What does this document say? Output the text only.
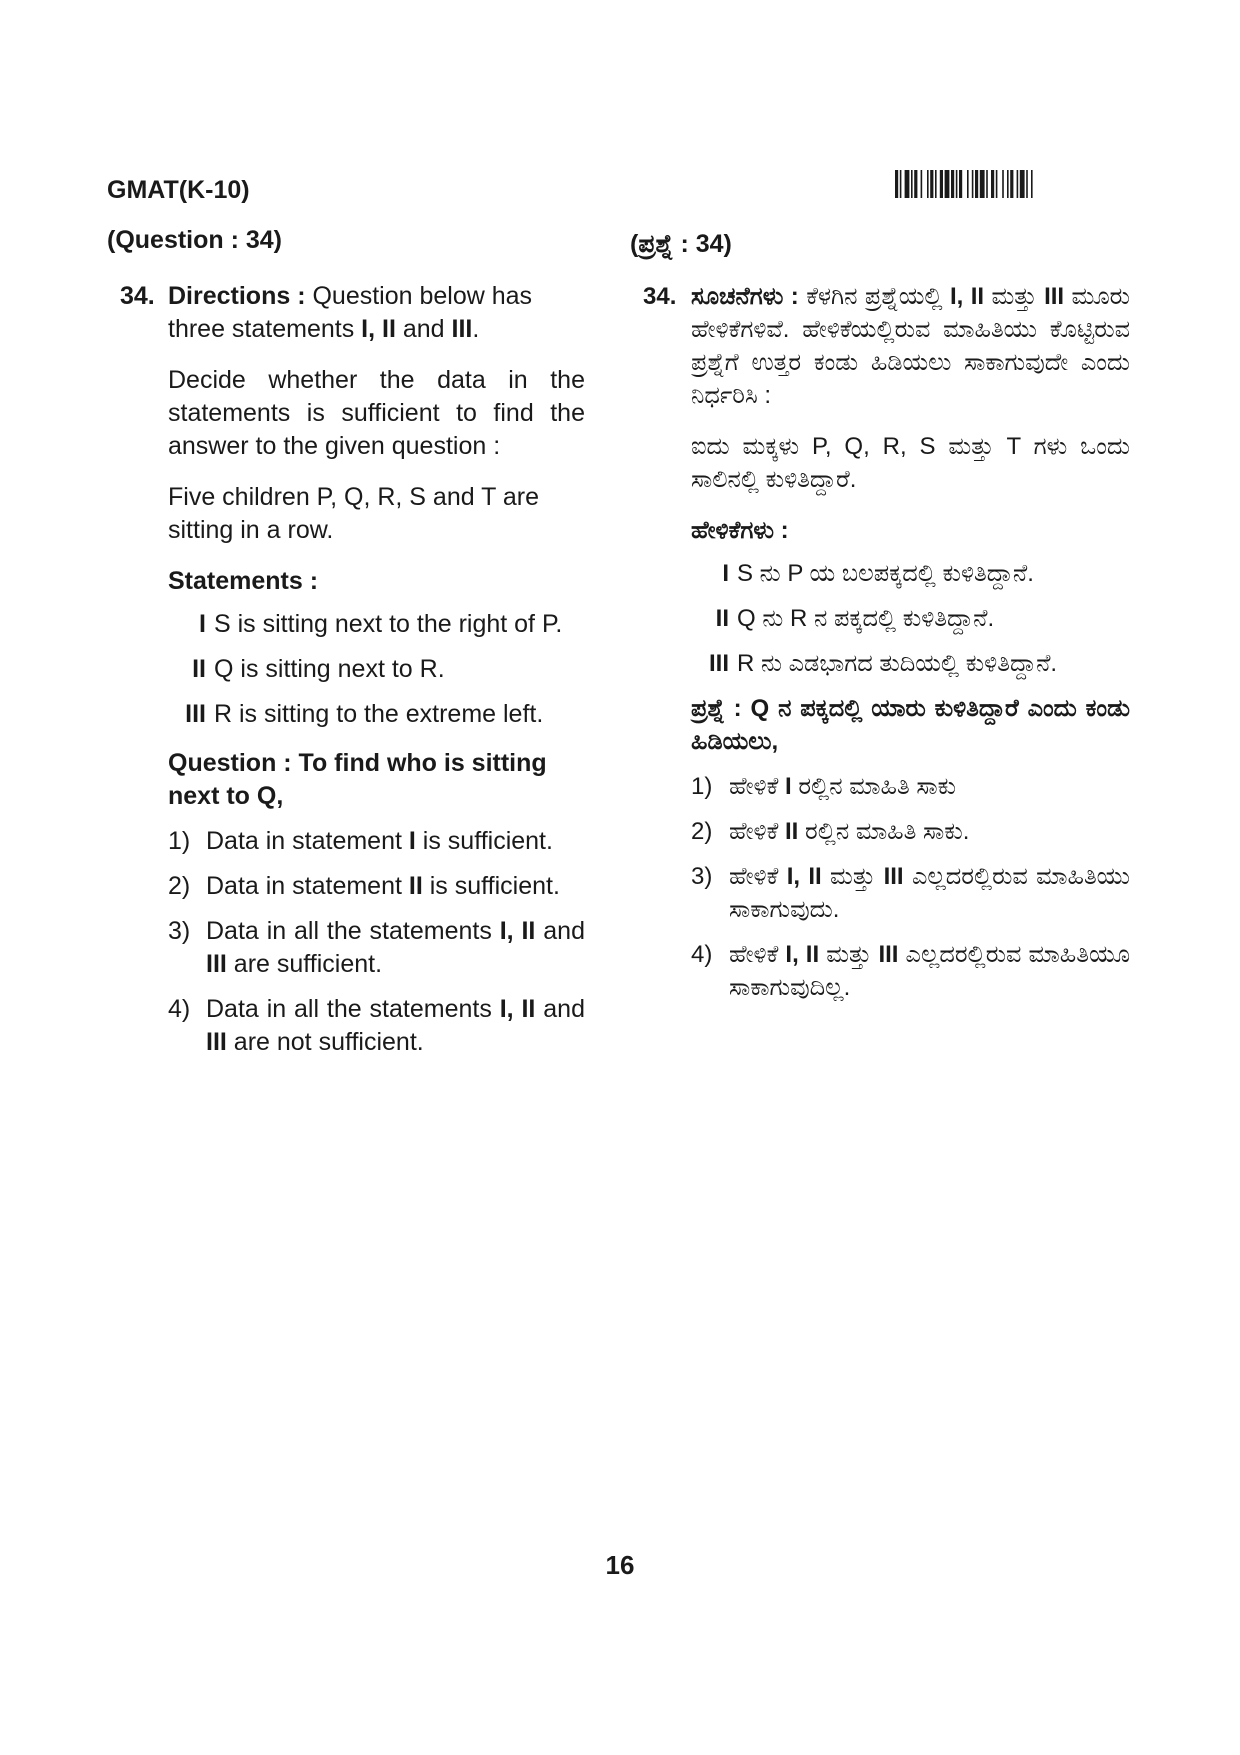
GMAT(K-10)
(Question : 34)
34. Directions : Question below has three statements I, II and III.

Decide whether the data in the statements is sufficient to find the answer to the given question :

Five children P, Q, R, S and T are sitting in a row.

Statements :

I S is sitting next to the right of P.
II Q is sitting next to R.
III R is sitting to the extreme left.

Question : To find who is sitting next to Q,

1) Data in statement I is sufficient.
2) Data in statement II is sufficient.
3) Data in all the statements I, II and III are sufficient.
4) Data in all the statements I, II and III are not sufficient.
(ಪ್ರಶ್ನೆ : 34)
34. ಸೂಚನೆಗಳು : ಕೆಳಗಿನ ಪ್ರಶ್ನೆಯಲ್ಲಿ I, II ಮತ್ತು III ಮೂರು ಹೇಳಿಕೆಗಳಿವೆ. ಹೇಳಿಕೆಯಲ್ಲಿರುವ ಮಾಹಿತಿಯು ಕೊಟ್ಟಿರುವ ಪ್ರಶ್ನೆಗೆ ಉತ್ತರ ಕಂಡು ಹಿಡಿಯಲು ಸಾಕಾಗುವುದೇ ಎಂದು ನಿರ್ಧರಿಸಿ :

ಐದು ಮಕ್ಕಳು P, Q, R, S ಮತ್ತು T ಗಳು ಒಂದು ಸಾಲಿನಲ್ಲಿ ಕುಳಿತಿದ್ದಾರೆ.

ಹೇಳಿಕೆಗಳು :

I S ನು P ಯ ಬಲಪಕ್ಕದಲ್ಲಿ ಕುಳಿತಿದ್ದಾನೆ.
II Q ನು R ನ ಪಕ್ಕದಲ್ಲಿ ಕುಳಿತಿದ್ದಾನೆ.
III R ನು ಎಡಭಾಗದ ತುದಿಯಲ್ಲಿ ಕುಳಿತಿದ್ದಾನೆ.

ಪ್ರಶ್ನೆ : Q ನ ಪಕ್ಕದಲ್ಲಿ ಯಾರು ಕುಳಿತಿದ್ದಾರೆ ಎಂದು ಕಂಡು ಹಿಡಿಯಲು,

1) ಹೇಳಿಕೆ I ರಲ್ಲಿನ ಮಾಹಿತಿ ಸಾಕು
2) ಹೇಳಿಕೆ II ರಲ್ಲಿನ ಮಾಹಿತಿ ಸಾಕು.
3) ಹೇಳಿಕೆ I, II ಮತ್ತು III ಎಲ್ಲದರಲ್ಲಿರುವ ಮಾಹಿತಿಯು ಸಾಕಾಗುವುದು.
4) ಹೇಳಿಕೆ I, II ಮತ್ತು III ಎಲ್ಲದರಲ್ಲಿರುವ ಮಾಹಿತಿಯೂ ಸಾಕಾಗುವುದಿಲ್ಲ.
16
